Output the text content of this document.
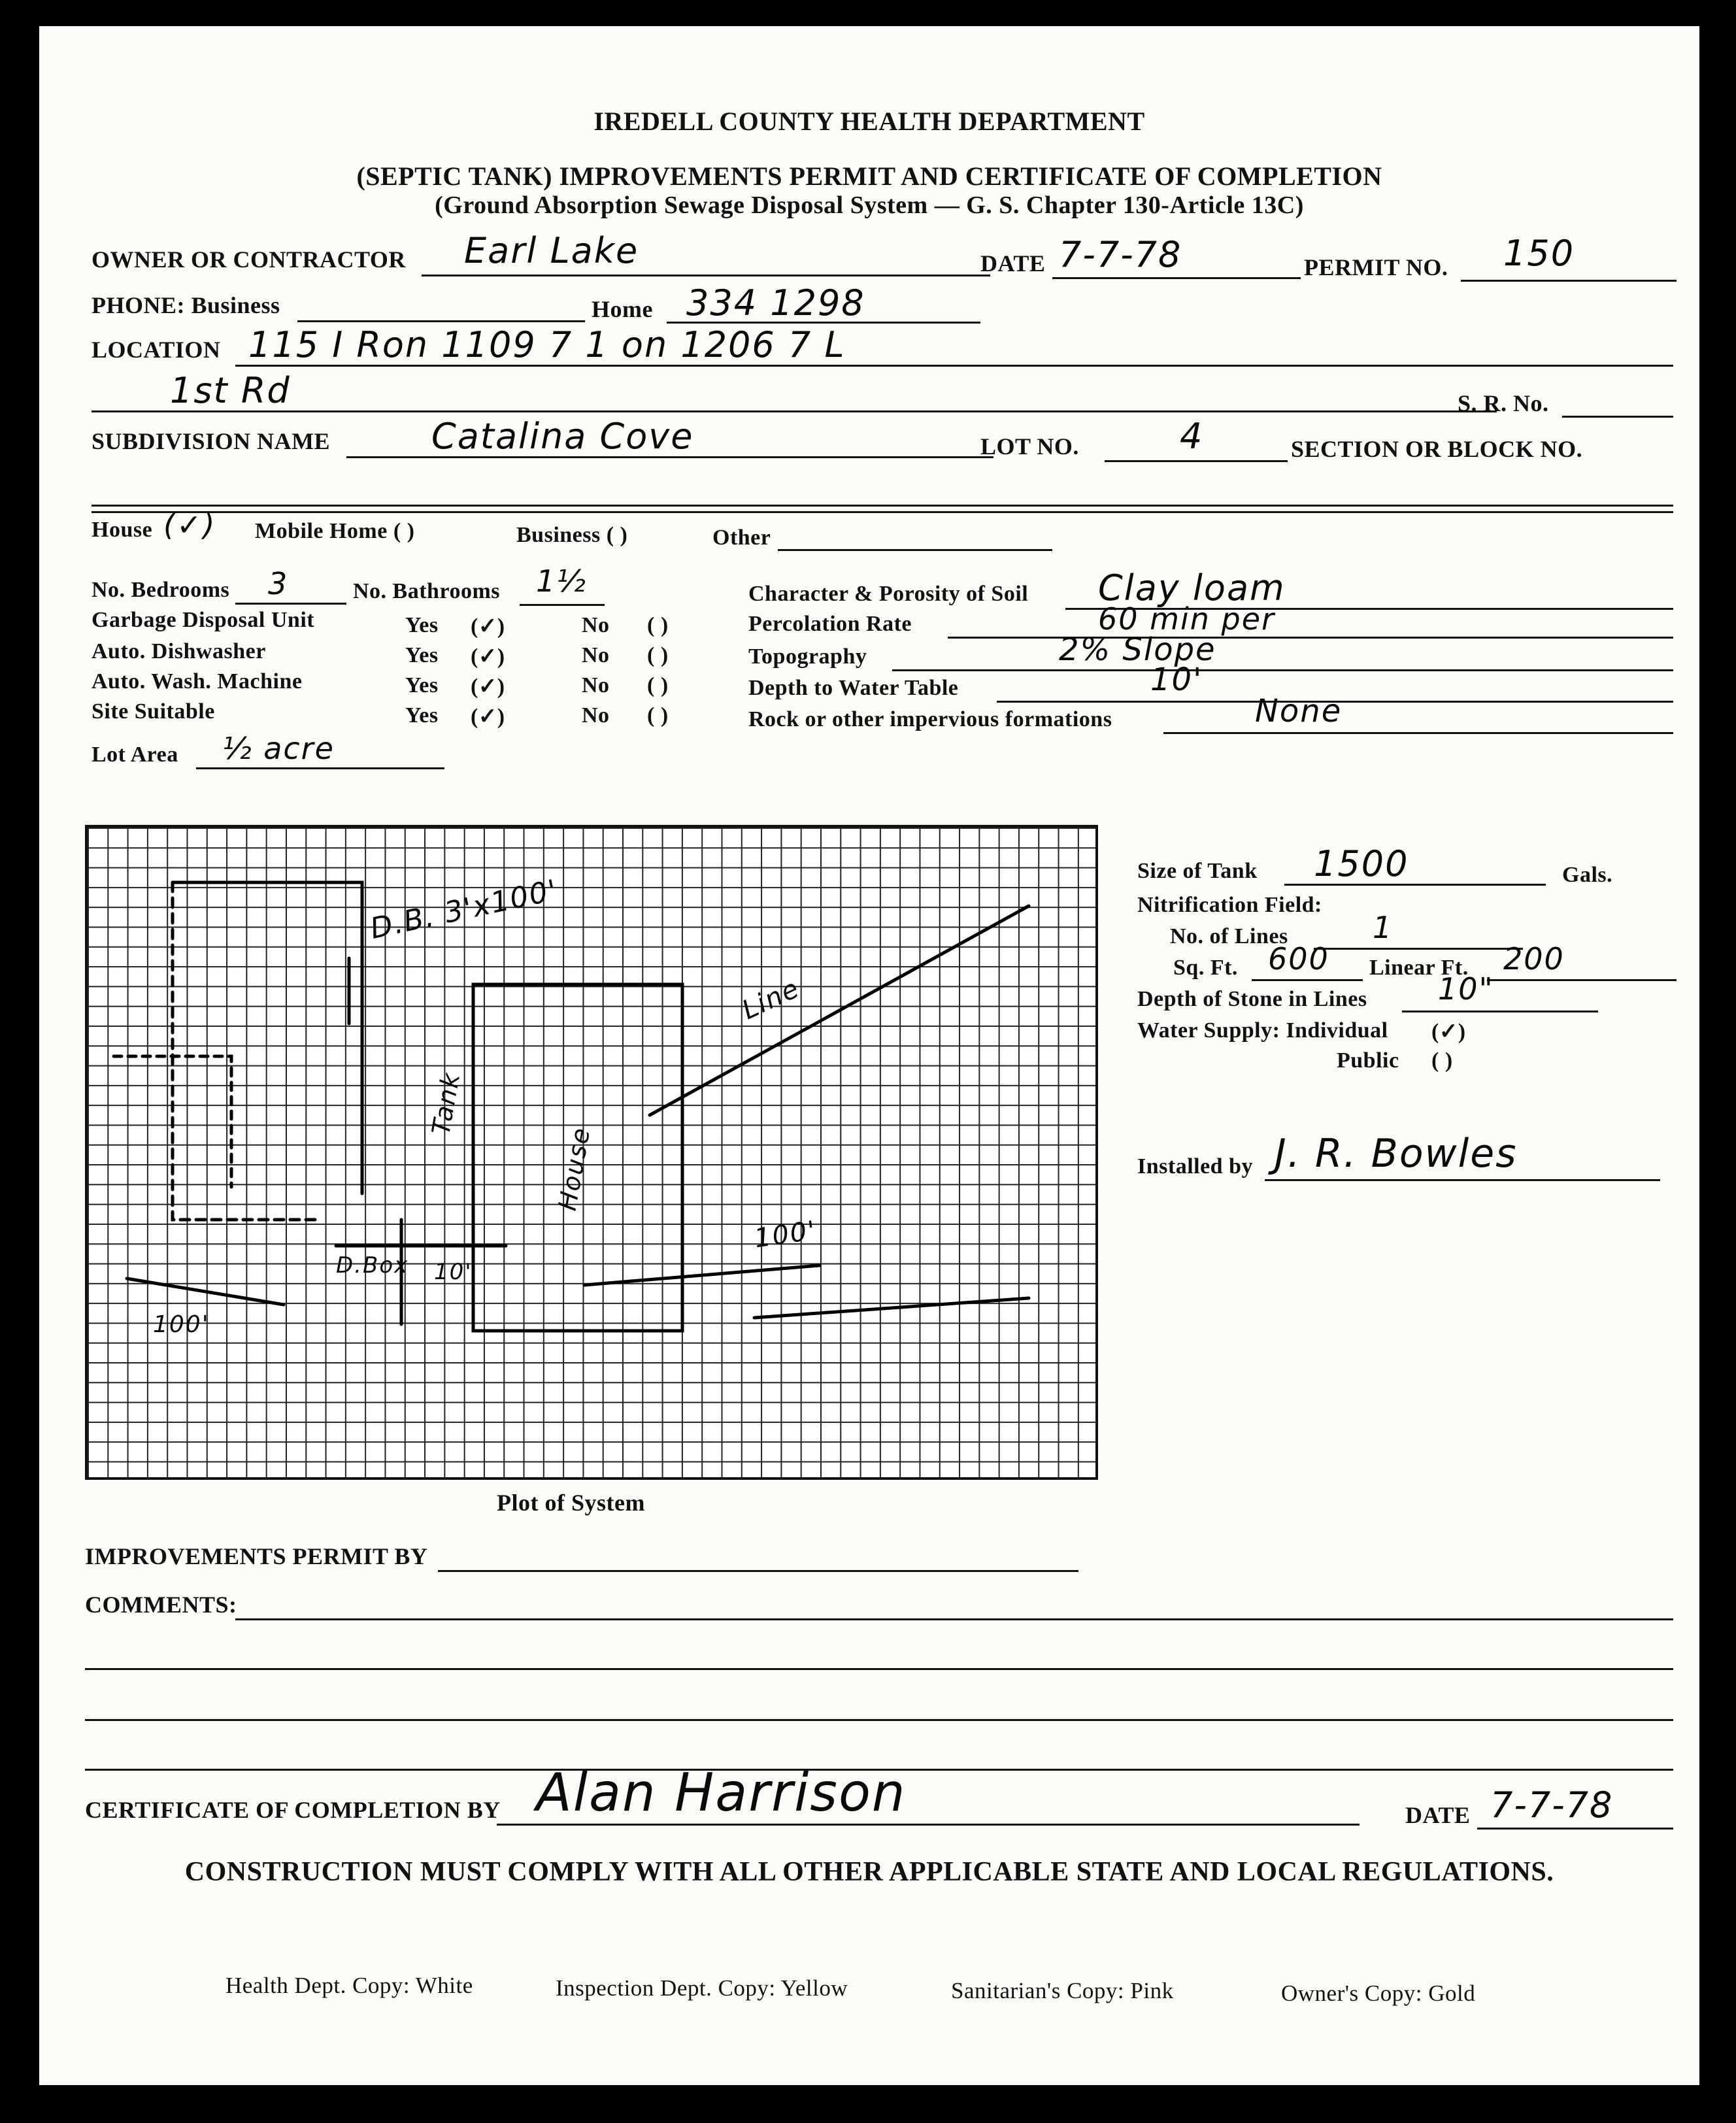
IREDELL COUNTY HEALTH DEPARTMENT
(SEPTIC TANK) IMPROVEMENTS PERMIT AND CERTIFICATE OF COMPLETION
(Ground Absorption Sewage Disposal System — G. S. Chapter 130-Article 13C)
OWNER OR CONTRACTOR Earl Lake	DATE 7-7-78	PERMIT NO. 150
PHONE: Business	Home 334 1298
LOCATION 115 I Ron 1109 7 1 on 1206 7 L
1st Rd	S. R. No.
SUBDIVISION NAME	Catalina Cove	LOT NO.	4	SECTION OR BLOCK NO.
House (✓) Mobile Home ( )	Business ( )	Other
No. Bedrooms 3	No. Bathrooms 1½
Garbage Disposal Unit	Yes (✓)	No ( )
Auto. Dishwasher	Yes (✓)	No ( )
Auto. Wash. Machine	Yes (✓)	No ( )
Site Suitable	Yes (✓)	No ( )
Lot Area ½ acre
Character & Porosity of Soil Clay loam
Percolation Rate	60 min per
Topography	2% Slope
Depth to Water Table	10'
Rock or other impervious formations	None
D.B. 3'x100'
100'
Tank
House
Line
D.Box 10'
100'
Plot of System
Size of Tank 1500	Gals.
Nitrification Field:
No. of Lines	1
Sq. Ft. 600 Linear Ft. 200
Depth of Stone in Lines 10"
Water Supply: Individual (✓)
Public ( )
Installed by J. R. Bowles
IMPROVEMENTS PERMIT BY
COMMENTS:
CERTIFICATE OF COMPLETION BY Alan Harrison	DATE 7-7-78
CONSTRUCTION MUST COMPLY WITH ALL OTHER APPLICABLE STATE AND LOCAL REGULATIONS.
Health Dept. Copy: White	Inspection Dept. Copy: Yellow	Sanitarian's Copy: Pink	Owner's Copy: Gold
